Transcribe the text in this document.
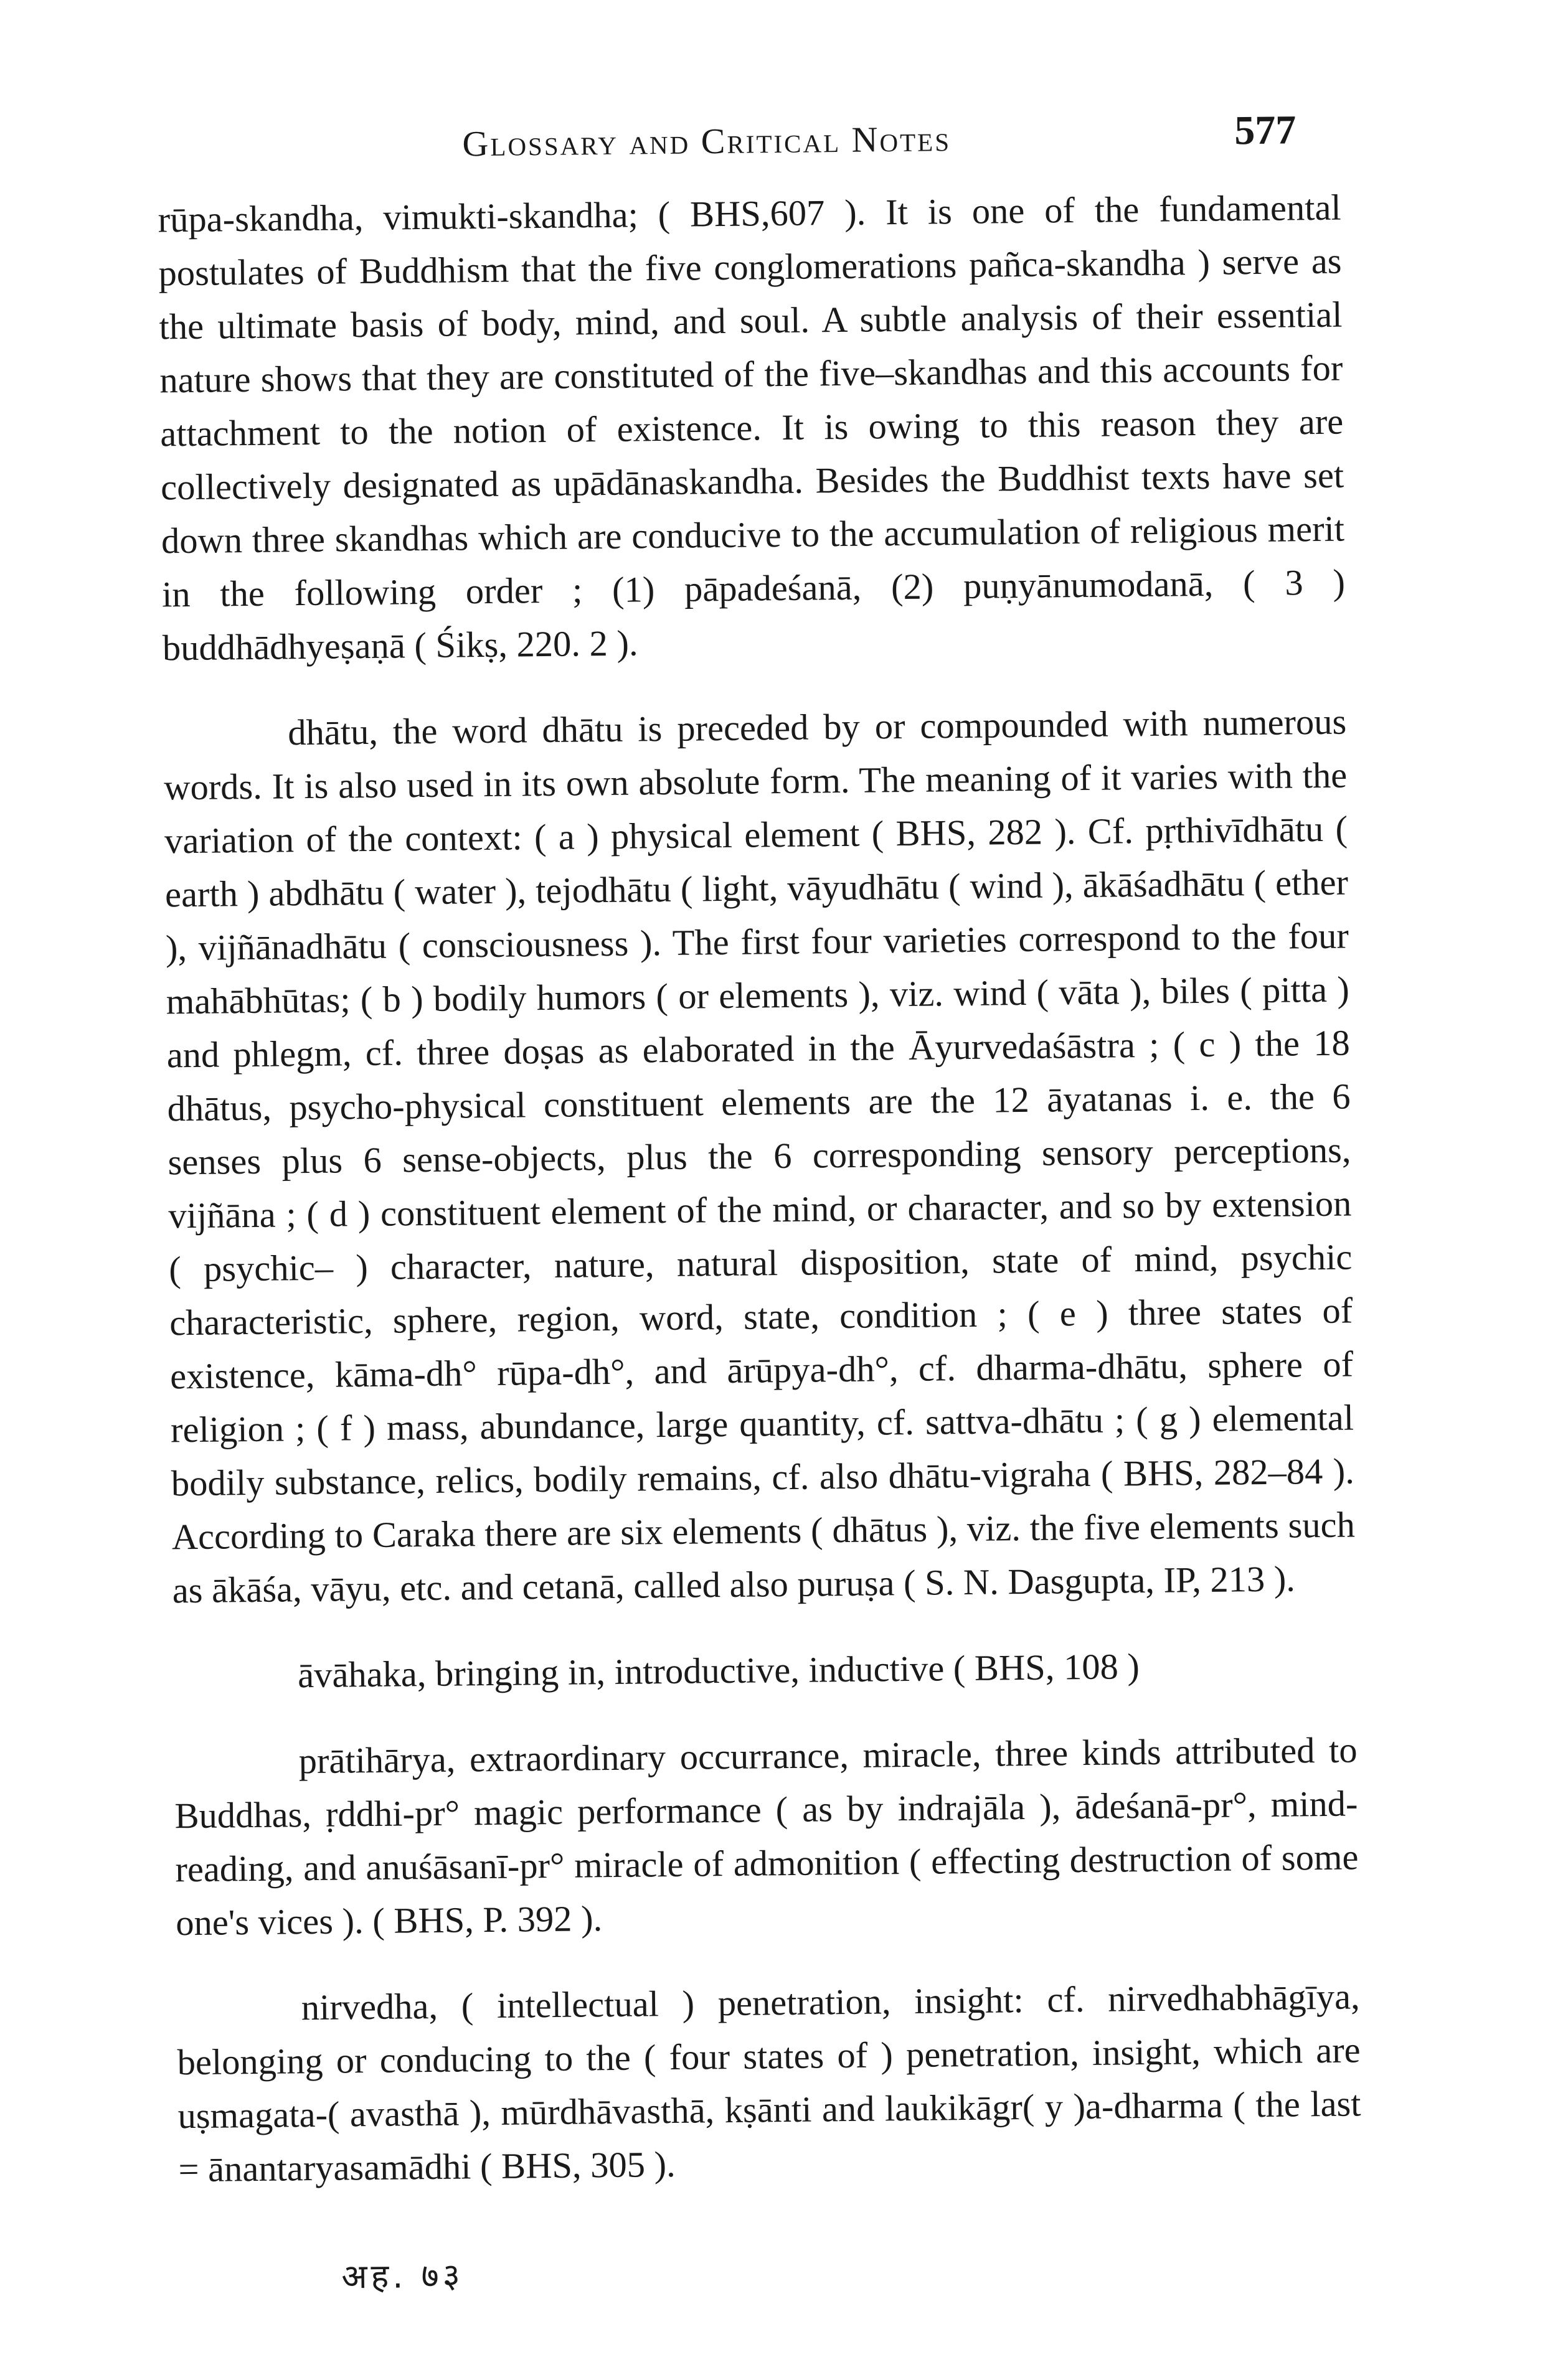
Glossary and Critical Notes	577

rūpa-skandha, vimukti-skandha; ( BHS,607 ). It is one of the fundamental postulates of Buddhism that the five conglomerations pañca-skandha ) serve as the ultimate basis of body, mind, and soul. A subtle analysis of their essential nature shows that they are constituted of the five–skandhas and this accounts for attachment to the notion of existence. It is owing to this reason they are collectively designated as upādānaskandha. Besides the Buddhist texts have set down three skandhas which are conducive to the accumulation of religious merit in the following order ; (1) pāpadeśanā, (2) puṇyānumodanā, ( 3 ) buddhādhyeṣaṇā ( Śikṣ, 220. 2 ).

dhātu, the word dhātu is preceded by or compounded with numerous words. It is also used in its own absolute form. The meaning of it varies with the variation of the context: ( a ) physical element ( BHS, 282 ). Cf. pṛthivīdhātu ( earth ) abdhātu ( water ), tejodhātu ( light, vāyudhātu ( wind ), ākāśadhātu ( ether ), vijñānadhātu ( consciousness ). The first four varieties correspond to the four mahābhūtas; ( b ) bodily humors ( or elements ), viz. wind ( vāta ), biles ( pitta ) and phlegm, cf. three doṣas as elaborated in the Āyurvedaśāstra ; ( c ) the 18 dhātus, psycho-physical constituent elements are the 12 āyatanas i. e. the 6 senses plus 6 sense-objects, plus the 6 corresponding sensory perceptions, vijñāna ; ( d ) constituent element of the mind, or character, and so by extension ( psychic– ) character, nature, natural disposition, state of mind, psychic characteristic, sphere, region, word, state, condition ; ( e ) three states of existence, kāma-dh° rūpa-dh°, and ārūpya-dh°, cf. dharma-dhātu, sphere of religion ; ( f ) mass, abundance, large quantity, cf. sattva-dhātu ; ( g ) elemental bodily substance, relics, bodily remains, cf. also dhātu-vigraha ( BHS, 282–84 ). According to Caraka there are six elements ( dhātus ), viz. the five elements such as ākāśa, vāyu, etc. and cetanā, called also puruṣa ( S. N. Dasgupta, IP, 213 ).

āvāhaka, bringing in, introductive, inductive ( BHS, 108 )

prātihārya, extraordinary occurrance, miracle, three kinds attributed to Buddhas, ṛddhi-pr° magic performance ( as by indrajāla ), ādeśanā-pr°, mind-reading, and anuśāsanī-pr° miracle of admonition ( effecting destruction of some one's vices ). ( BHS, P. 392 ).

nirvedha, ( intellectual ) penetration, insight: cf. nirvedhabhāgīya, belonging or conducing to the ( four states of ) penetration, insight, which are uṣmagata-( avasthā ), mūrdhāvasthā, kṣānti and laukikāgr( y )a-dharma ( the last = ānantaryasamādhi ( BHS, 305 ).

अह. ७३
